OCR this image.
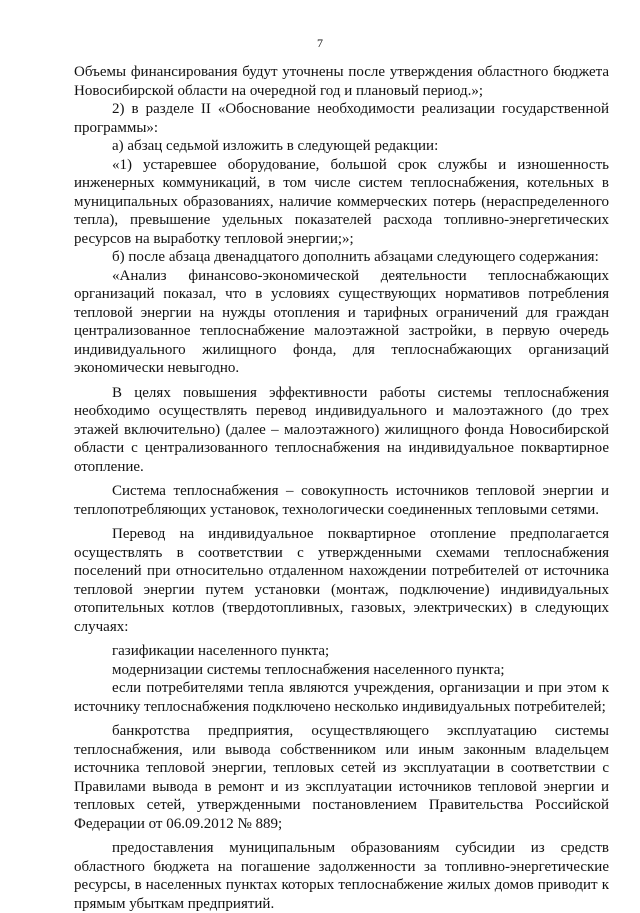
7

Объемы финансирования будут уточнены после утверждения областного бюджета Новосибирской области на очередной год и плановый период.»;

2) в разделе II «Обоснование необходимости реализации государственной программы»:

а) абзац седьмой изложить в следующей редакции:

«1) устаревшее оборудование, большой срок службы и изношенность инженерных коммуникаций, в том числе систем теплоснабжения, котельных в муниципальных образованиях, наличие коммерческих потерь (нераспределенного тепла), превышение удельных показателей расхода топливно-энергетических ресурсов на выработку тепловой энергии;»;

б) после абзаца двенадцатого дополнить абзацами следующего содержания:

«Анализ финансово-экономической деятельности теплоснабжающих организаций показал, что в условиях существующих нормативов потребления тепловой энергии на нужды отопления и тарифных ограничений для граждан централизованное теплоснабжение малоэтажной застройки, в первую очередь индивидуального жилищного фонда, для теплоснабжающих организаций экономически невыгодно.

В целях повышения эффективности работы системы теплоснабжения необходимо осуществлять перевод индивидуального и малоэтажного (до трех этажей включительно) (далее – малоэтажного) жилищного фонда Новосибирской области с централизованного теплоснабжения на индивидуальное поквартирное отопление.

Система теплоснабжения – совокупность источников тепловой энергии и теплопотребляющих установок, технологически соединенных тепловыми сетями.

Перевод на индивидуальное поквартирное отопление предполагается осуществлять в соответствии с утвержденными схемами теплоснабжения поселений при относительно отдаленном нахождении потребителей от источника тепловой энергии путем установки (монтаж, подключение) индивидуальных отопительных котлов (твердотопливных, газовых, электрических) в следующих случаях:

газификации населенного пункта;

модернизации системы теплоснабжения населенного пункта;

если потребителями тепла являются учреждения, организации и при этом к источнику теплоснабжения подключено несколько индивидуальных потребителей;

банкротства предприятия, осуществляющего эксплуатацию системы теплоснабжения, или вывода собственником или иным законным владельцем источника тепловой энергии, тепловых сетей из эксплуатации в соответствии с Правилами вывода в ремонт и из эксплуатации источников тепловой энергии и тепловых сетей, утвержденными постановлением Правительства Российской Федерации от 06.09.2012 № 889;

предоставления муниципальным образованиям субсидии из средств областного бюджета на погашение задолженности за топливно-энергетические ресурсы, в населенных пунктах которых теплоснабжение жилых домов приводит к прямым убыткам предприятий.
